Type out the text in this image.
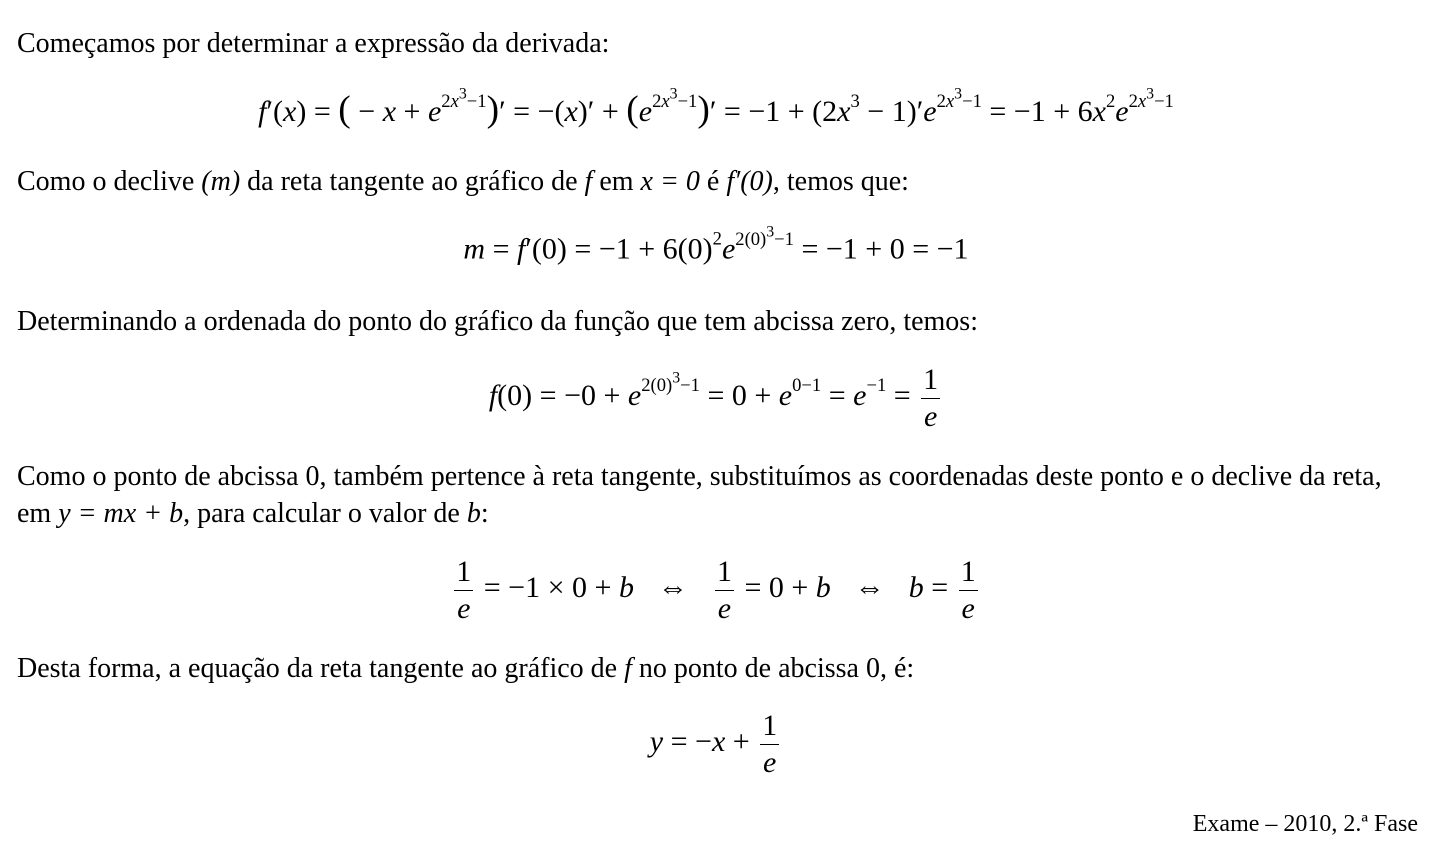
Começamos por determinar a expressão da derivada:
f′(x) = ( − $x + e^{2x^3-1})' = -(x)' + (e^{2x^3-1})' = -1 + (2x^3 - 1)'e^{2x^3-1} = -1 + 6x^2e^{2x^3-1}$
Como o declive (m) da reta tangente ao gráfico de f em x = 0 é f′(0), temos que:
$m = f'(0) = -1 + 6(0)^2e^{2(0)^3-1} = -1 + 0 = -1$
Determinando a ordenada do ponto do gráfico da função que tem abcissa zero, temos:
$f(0) = -0 + e^{2(0)^3-1} = 0 + e^{0-1} = e^{-1} = \frac{1}{e}$
Como o ponto de abcissa 0, também pertence à reta tangente, substituímos as coordenadas deste ponto e o declive da reta, em y = mx + b, para calcular o valor de b:
$\frac{1}{e} = -1 \times 0 + b$ ⇔ $\frac{1}{e} = 0 + b$ ⇔ $b = \frac{1}{e}$
Desta forma, a equação da reta tangente ao gráfico de f no ponto de abcissa 0, é:
$y = -x + \frac{1}{e}$
Exame – 2010, 2.ª Fase
